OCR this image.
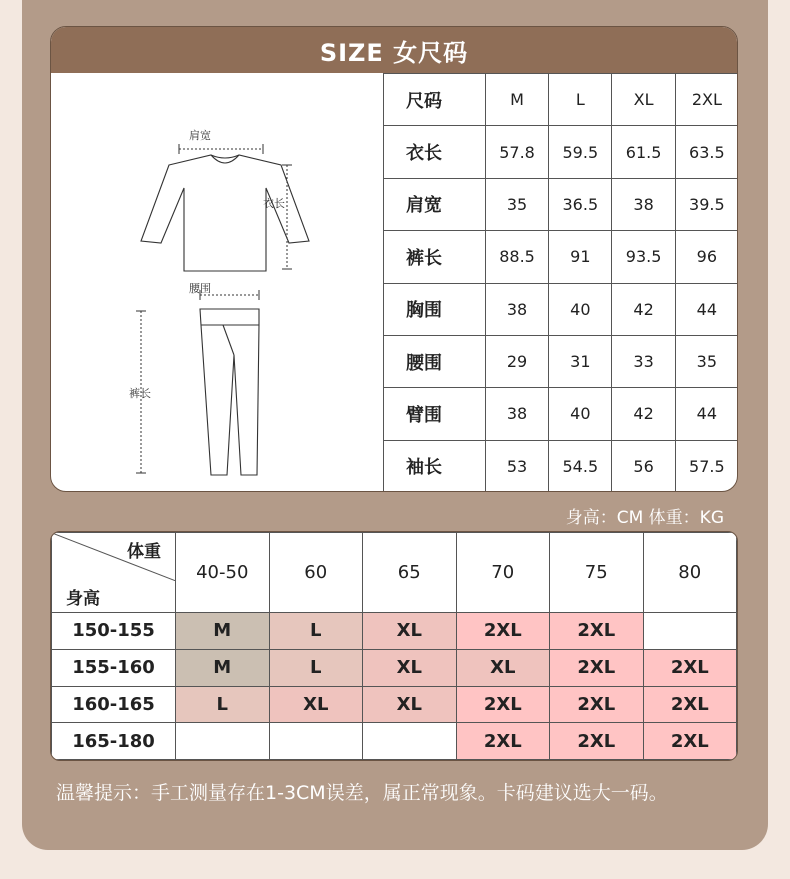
SIZE 女尺码
肩宽
衣长
腰围
裤长
尺码	M	L	XL	2XL
衣长	57.8	59.5	61.5	63.5
肩宽	35	36.5	38	39.5
裤长	88.5	91	93.5	96
胸围	38	40	42	44
腰围	29	31	33	35
臂围	38	40	42	44
袖长	53	54.5	56	57.5
身高：CM 体重：KG
体重
身高	40-50	60	65	70	75	80
150-155	M	L	XL	2XL	2XL	
155-160	M	L	XL	XL	2XL	2XL
160-165	L	XL	XL	2XL	2XL	2XL
165-180				2XL	2XL	2XL
温馨提示：手工测量存在1-3CM误差，属正常现象。卡码建议选大一码。
